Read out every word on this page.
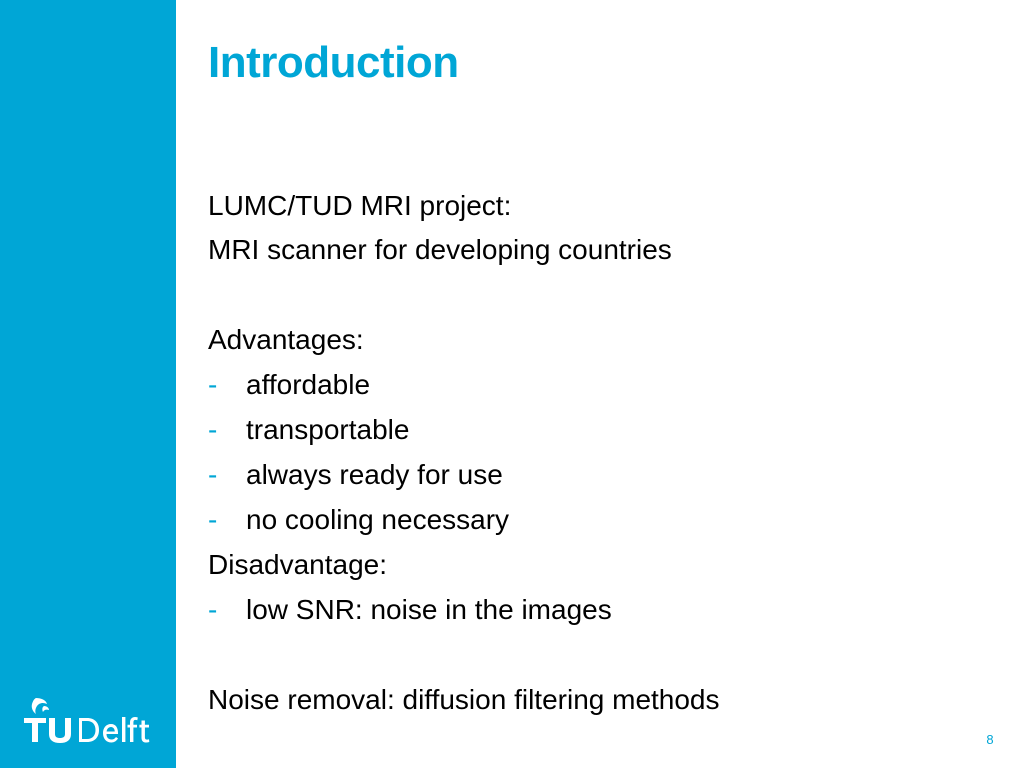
Introduction
LUMC/TUD MRI project:
MRI scanner for developing countries
Advantages:
- affordable
- transportable
- always ready for use
- no cooling necessary
Disadvantage:
- low SNR: noise in the images
Noise removal: diffusion filtering methods
8
